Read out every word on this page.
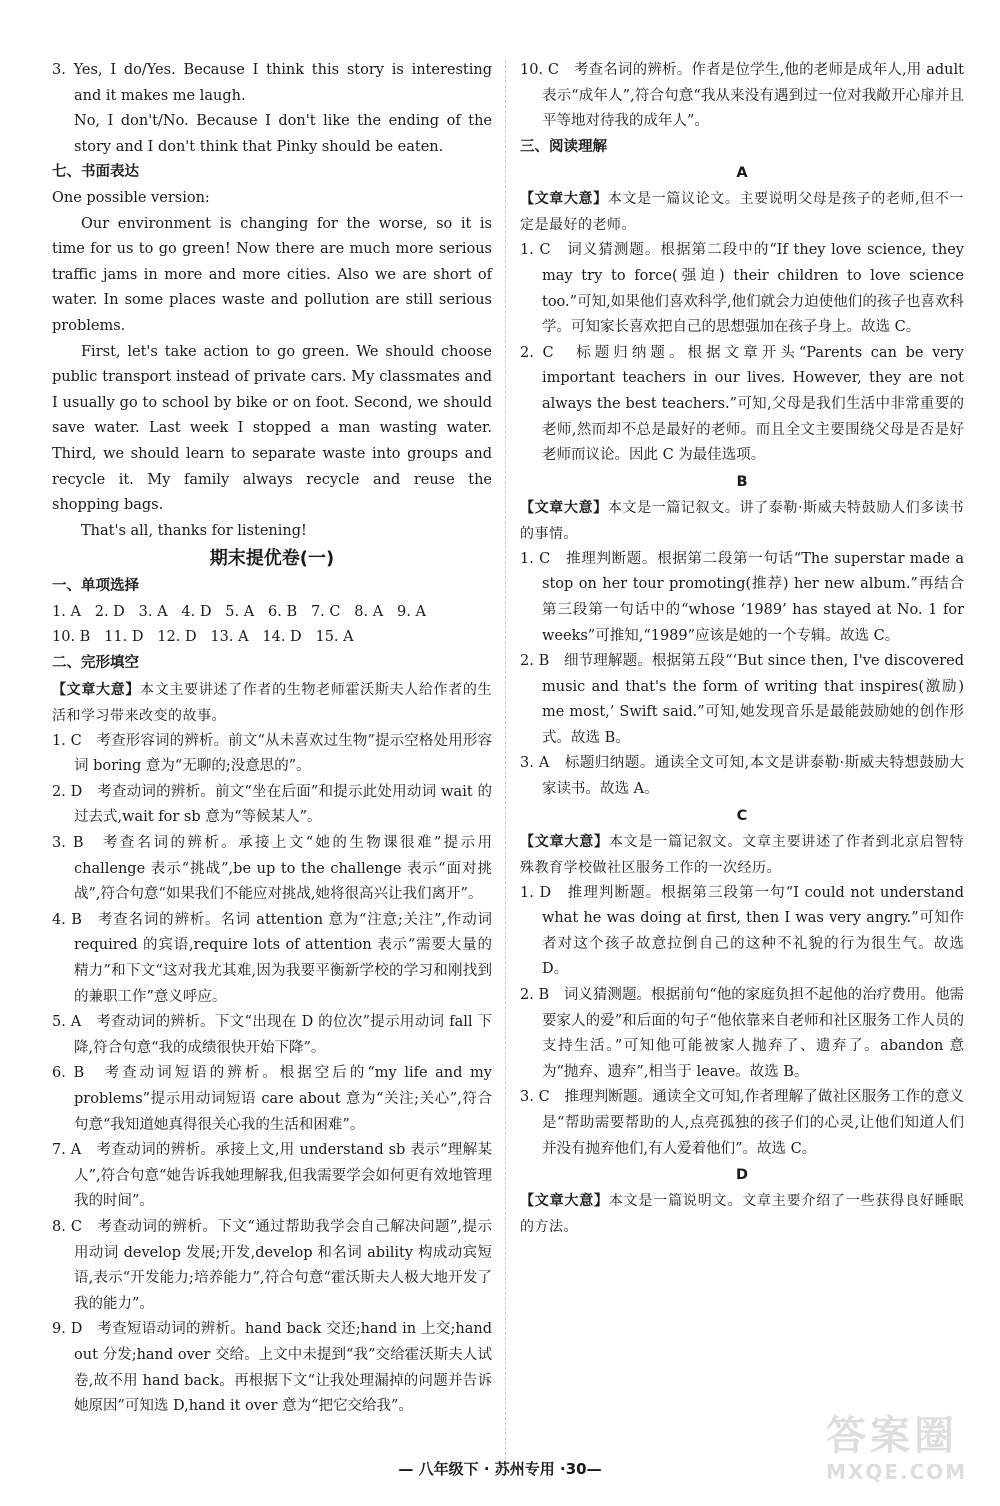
3. Yes, I do/Yes. Because I think this story is interesting and it makes me laugh.

No, I don't/No. Because I don't like the ending of the story and I don't think that Pinky should be eaten.

七、书面表达

One possible version:

Our environment is changing for the worse, so it is time for us to go green! Now there are much more serious traffic jams in more and more cities. Also we are short of water. In some places waste and pollution are still serious problems.

First, let's take action to go green. We should choose public transport instead of private cars. My classmates and I usually go to school by bike or on foot. Second, we should save water. Last week I stopped a man wasting water. Third, we should learn to separate waste into groups and recycle it. My family always recycle and reuse the shopping bags.

That's all, thanks for listening!

期末提优卷(一)

一、单项选择

1. A   2. D   3. A   4. D   5. A   6. B   7. C   8. A   9. A

10. B   11. D   12. D   13. A   14. D   15. A

二、完形填空

【文章大意】本文主要讲述了作者的生物老师霍沃斯夫人给作者的生活和学习带来改变的故事。

1. C　考查形容词的辨析。前文“从未喜欢过生物”提示空格处用形容词 boring 意为“无聊的;没意思的”。

2. D　考查动词的辨析。前文“坐在后面”和提示此处用动词 wait 的过去式,wait for sb 意为“等候某人”。

3. B　考查名词的辨析。承接上文“她的生物课很难”提示用 challenge 表示“挑战”,be up to the challenge 表示“面对挑战”,符合句意“如果我们不能应对挑战,她将很高兴让我们离开”。

4. B　考查名词的辨析。名词 attention 意为“注意;关注”,作动词 required 的宾语,require lots of attention 表示“需要大量的精力”和下文“这对我尤其难,因为我要平衡新学校的学习和刚找到的兼职工作”意义呼应。

5. A　考查动词的辨析。下文“出现在 D 的位次”提示用动词 fall 下降,符合句意“我的成绩很快开始下降”。

6. B　考查动词短语的辨析。根据空后的“my life and my problems”提示用动词短语 care about 意为“关注;关心”,符合句意“我知道她真得很关心我的生活和困难”。

7. A　考查动词的辨析。承接上文,用 understand sb 表示“理解某人”,符合句意“她告诉我她理解我,但我需要学会如何更有效地管理我的时间”。

8. C　考查动词的辨析。下文“通过帮助我学会自己解决问题”,提示用动词 develop 发展;开发,develop 和名词 ability 构成动宾短语,表示“开发能力;培养能力”,符合句意“霍沃斯夫人极大地开发了我的能力”。

9. D　考查短语动词的辨析。hand back 交还;hand in 上交;hand out 分发;hand over 交给。上文中未提到“我”交给霍沃斯夫人试卷,故不用 hand back。再根据下文“让我处理漏掉的问题并告诉她原因”可知选 D,hand it over 意为“把它交给我”。

10. C　考查名词的辨析。作者是位学生,他的老师是成年人,用 adult 表示“成年人”,符合句意“我从来没有遇到过一位对我敞开心扉并且平等地对待我的成年人”。

三、阅读理解

A

【文章大意】本文是一篇议论文。主要说明父母是孩子的老师,但不一定是最好的老师。

1. C　词义猜测题。根据第二段中的“If they love science, they may try to force(强迫) their children to love science too.”可知,如果他们喜欢科学,他们就会力迫使他们的孩子也喜欢科学。可知家长喜欢把自己的思想强加在孩子身上。故选 C。

2. C　标题归纳题。根据文章开头“Parents can be very important teachers in our lives. However, they are not always the best teachers.”可知,父母是我们生活中非常重要的老师,然而却不总是最好的老师。而且全文主要围绕父母是否是好老师而议论。因此 C 为最佳选项。

B

【文章大意】本文是一篇记叙文。讲了泰勒·斯威夫特鼓励人们多读书的事情。

1. C　推理判断题。根据第二段第一句话“The superstar made a stop on her tour promoting(推荐) her new album.”再结合第三段第一句话中的“whose ‘1989’ has stayed at No. 1 for weeks”可推知,“1989”应该是她的一个专辑。故选 C。

2. B　细节理解题。根据第五段“‘But since then, I've discovered music and that's the form of writing that inspires(激励) me most,’ Swift said.”可知,她发现音乐是最能鼓励她的创作形式。故选 B。

3. A　标题归纳题。通读全文可知,本文是讲泰勒·斯威夫特想鼓励大家读书。故选 A。

C

【文章大意】本文是一篇记叙文。文章主要讲述了作者到北京启智特殊教育学校做社区服务工作的一次经历。

1. D　推理判断题。根据第三段第一句“I could not understand what he was doing at first, then I was very angry.”可知作者对这个孩子故意拉倒自己的这种不礼貌的行为很生气。故选 D。

2. B　词义猜测题。根据前句“他的家庭负担不起他的治疗费用。他需要家人的爱”和后面的句子“他依靠来自老师和社区服务工作人员的支持生活。”可知他可能被家人抛弃了、遗弃了。abandon 意为“抛弃、遗弃”,相当于 leave。故选 B。

3. C　推理判断题。通读全文可知,作者理解了做社区服务工作的意义是“帮助需要帮助的人,点亮孤独的孩子们的心灵,让他们知道人们并没有抛弃他们,有人爱着他们”。故选 C。

D

【文章大意】本文是一篇说明文。文章主要介绍了一些获得良好睡眠的方法。

— 八年级下 · 苏州专用 ·30—
答案圈
MXQE.COM
